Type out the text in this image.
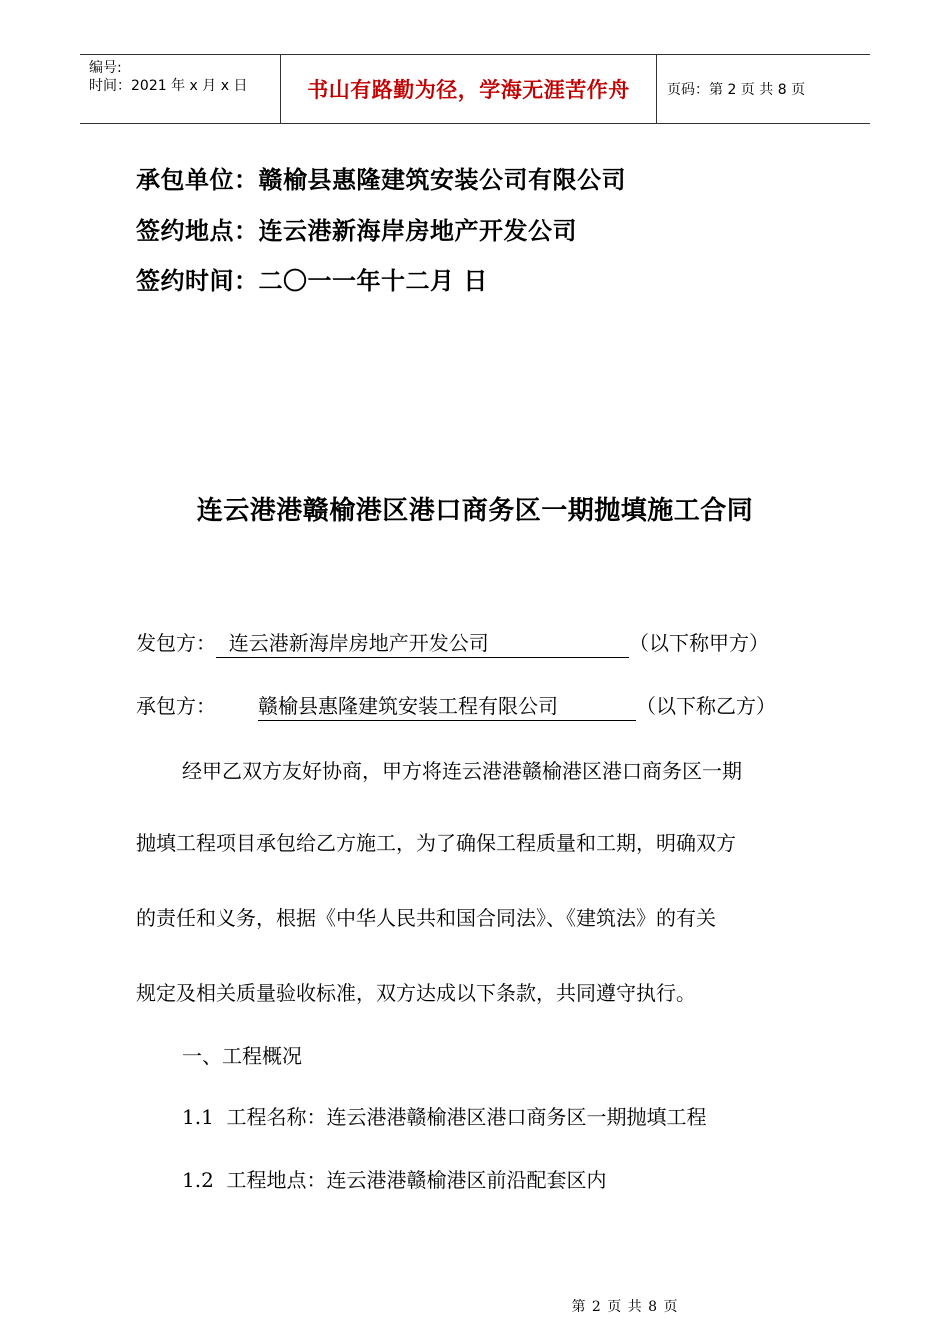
编号:
时间：2021 年 x 月 x 日	书山有路勤为径，学海无涯苦作舟	页码：第 2 页 共 8 页
承包单位：赣榆县惠隆建筑安装公司有限公司
签约地点：连云港新海岸房地产开发公司
签约时间：二〇一一年十二月 日
连云港港赣榆港区港口商务区一期抛填施工合同
发包方：  连云港新海岸房地产开发公司	（以下称甲方）
承包方： 赣榆县惠隆建筑安装工程有限公司	（以下称乙方）
经甲乙双方友好协商，甲方将连云港港赣榆港区港口商务区一期
抛填工程项目承包给乙方施工，为了确保工程质量和工期，明确双方
的责任和义务，根据《中华人民共和国合同法》、《建筑法》的有关
规定及相关质量验收标准，双方达成以下条款，共同遵守执行。
一、工程概况
1.1  工程名称：连云港港赣榆港区港口商务区一期抛填工程
1.2  工程地点：连云港港赣榆港区前沿配套区内
第 2 页 共 8 页
